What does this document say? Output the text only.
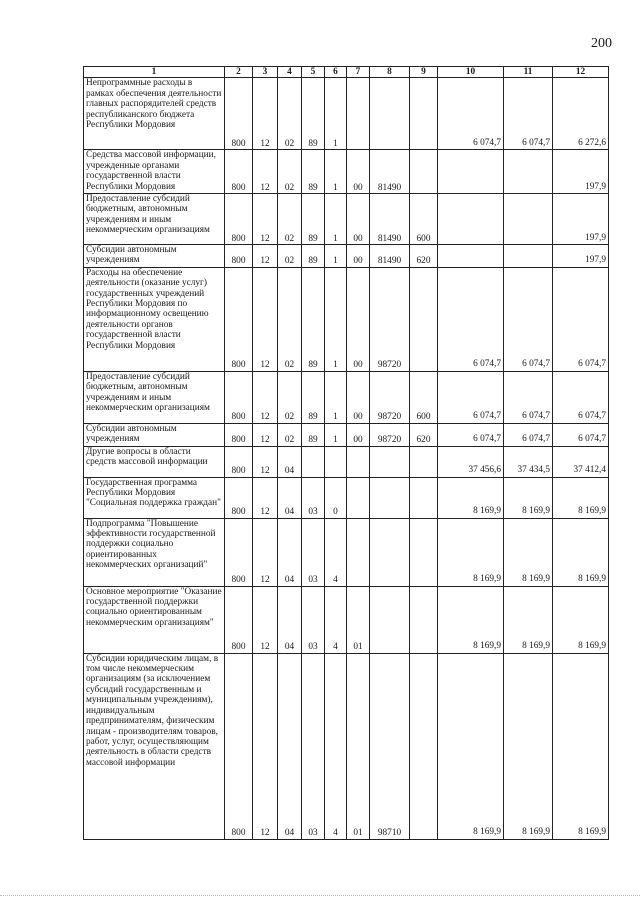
200
1	2	3	4	5	6	7	8	9	10	11	12
Непрограммные расходы в рамках обеспечения деятельности главных распорядителей средств республиканского бюджета Республики Мордовия	800	12	02	89	1				6 074,7	6 074,7	6 272,6
Средства массовой информации, учрежденные органами государственной власти Республики Мордовия	800	12	02	89	1	00	81490				197,9
Предоставление субсидий бюджетным, автономным учреждениям и иным некоммерческим организациям	800	12	02	89	1	00	81490	600			197,9
Субсидии автономным учреждениям	800	12	02	89	1	00	81490	620			197,9
Расходы на обеспечение деятельности (оказание услуг) государственных учреждений Республики Мордовия по информационному освещению деятельности органов государственной власти Республики Мордовия	800	12	02	89	1	00	98720		6 074,7	6 074,7	6 074,7
Предоставление субсидий бюджетным, автономным учреждениям и иным некоммерческим организациям	800	12	02	89	1	00	98720	600	6 074,7	6 074,7	6 074,7
Субсидии автономным учреждениям	800	12	02	89	1	00	98720	620	6 074,7	6 074,7	6 074,7
Другие вопросы в области средств массовой информации	800	12	04						37 456,6	37 434,5	37 412,4
Государственная программа Республики Мордовия "Социальная поддержка граждан"	800	12	04	03	0				8 169,9	8 169,9	8 169,9
Подпрограмма "Повышение эффективности государственной поддержки социально ориентированных некоммерческих организаций"	800	12	04	03	4				8 169,9	8 169,9	8 169,9
Основное мероприятие "Оказание государственной поддержки социально ориентированным некоммерческим организациям"	800	12	04	03	4	01			8 169,9	8 169,9	8 169,9
Субсидии юридическим лицам, в том числе некоммерческим организациям (за исключением субсидий государственным и муниципальным учреждениям), индивидуальным предпринимателям, физическим лицам - производителям товаров, работ, услуг, осуществляющим деятельность в области средств массовой информации	800	12	04	03	4	01	98710		8 169,9	8 169,9	8 169,9
